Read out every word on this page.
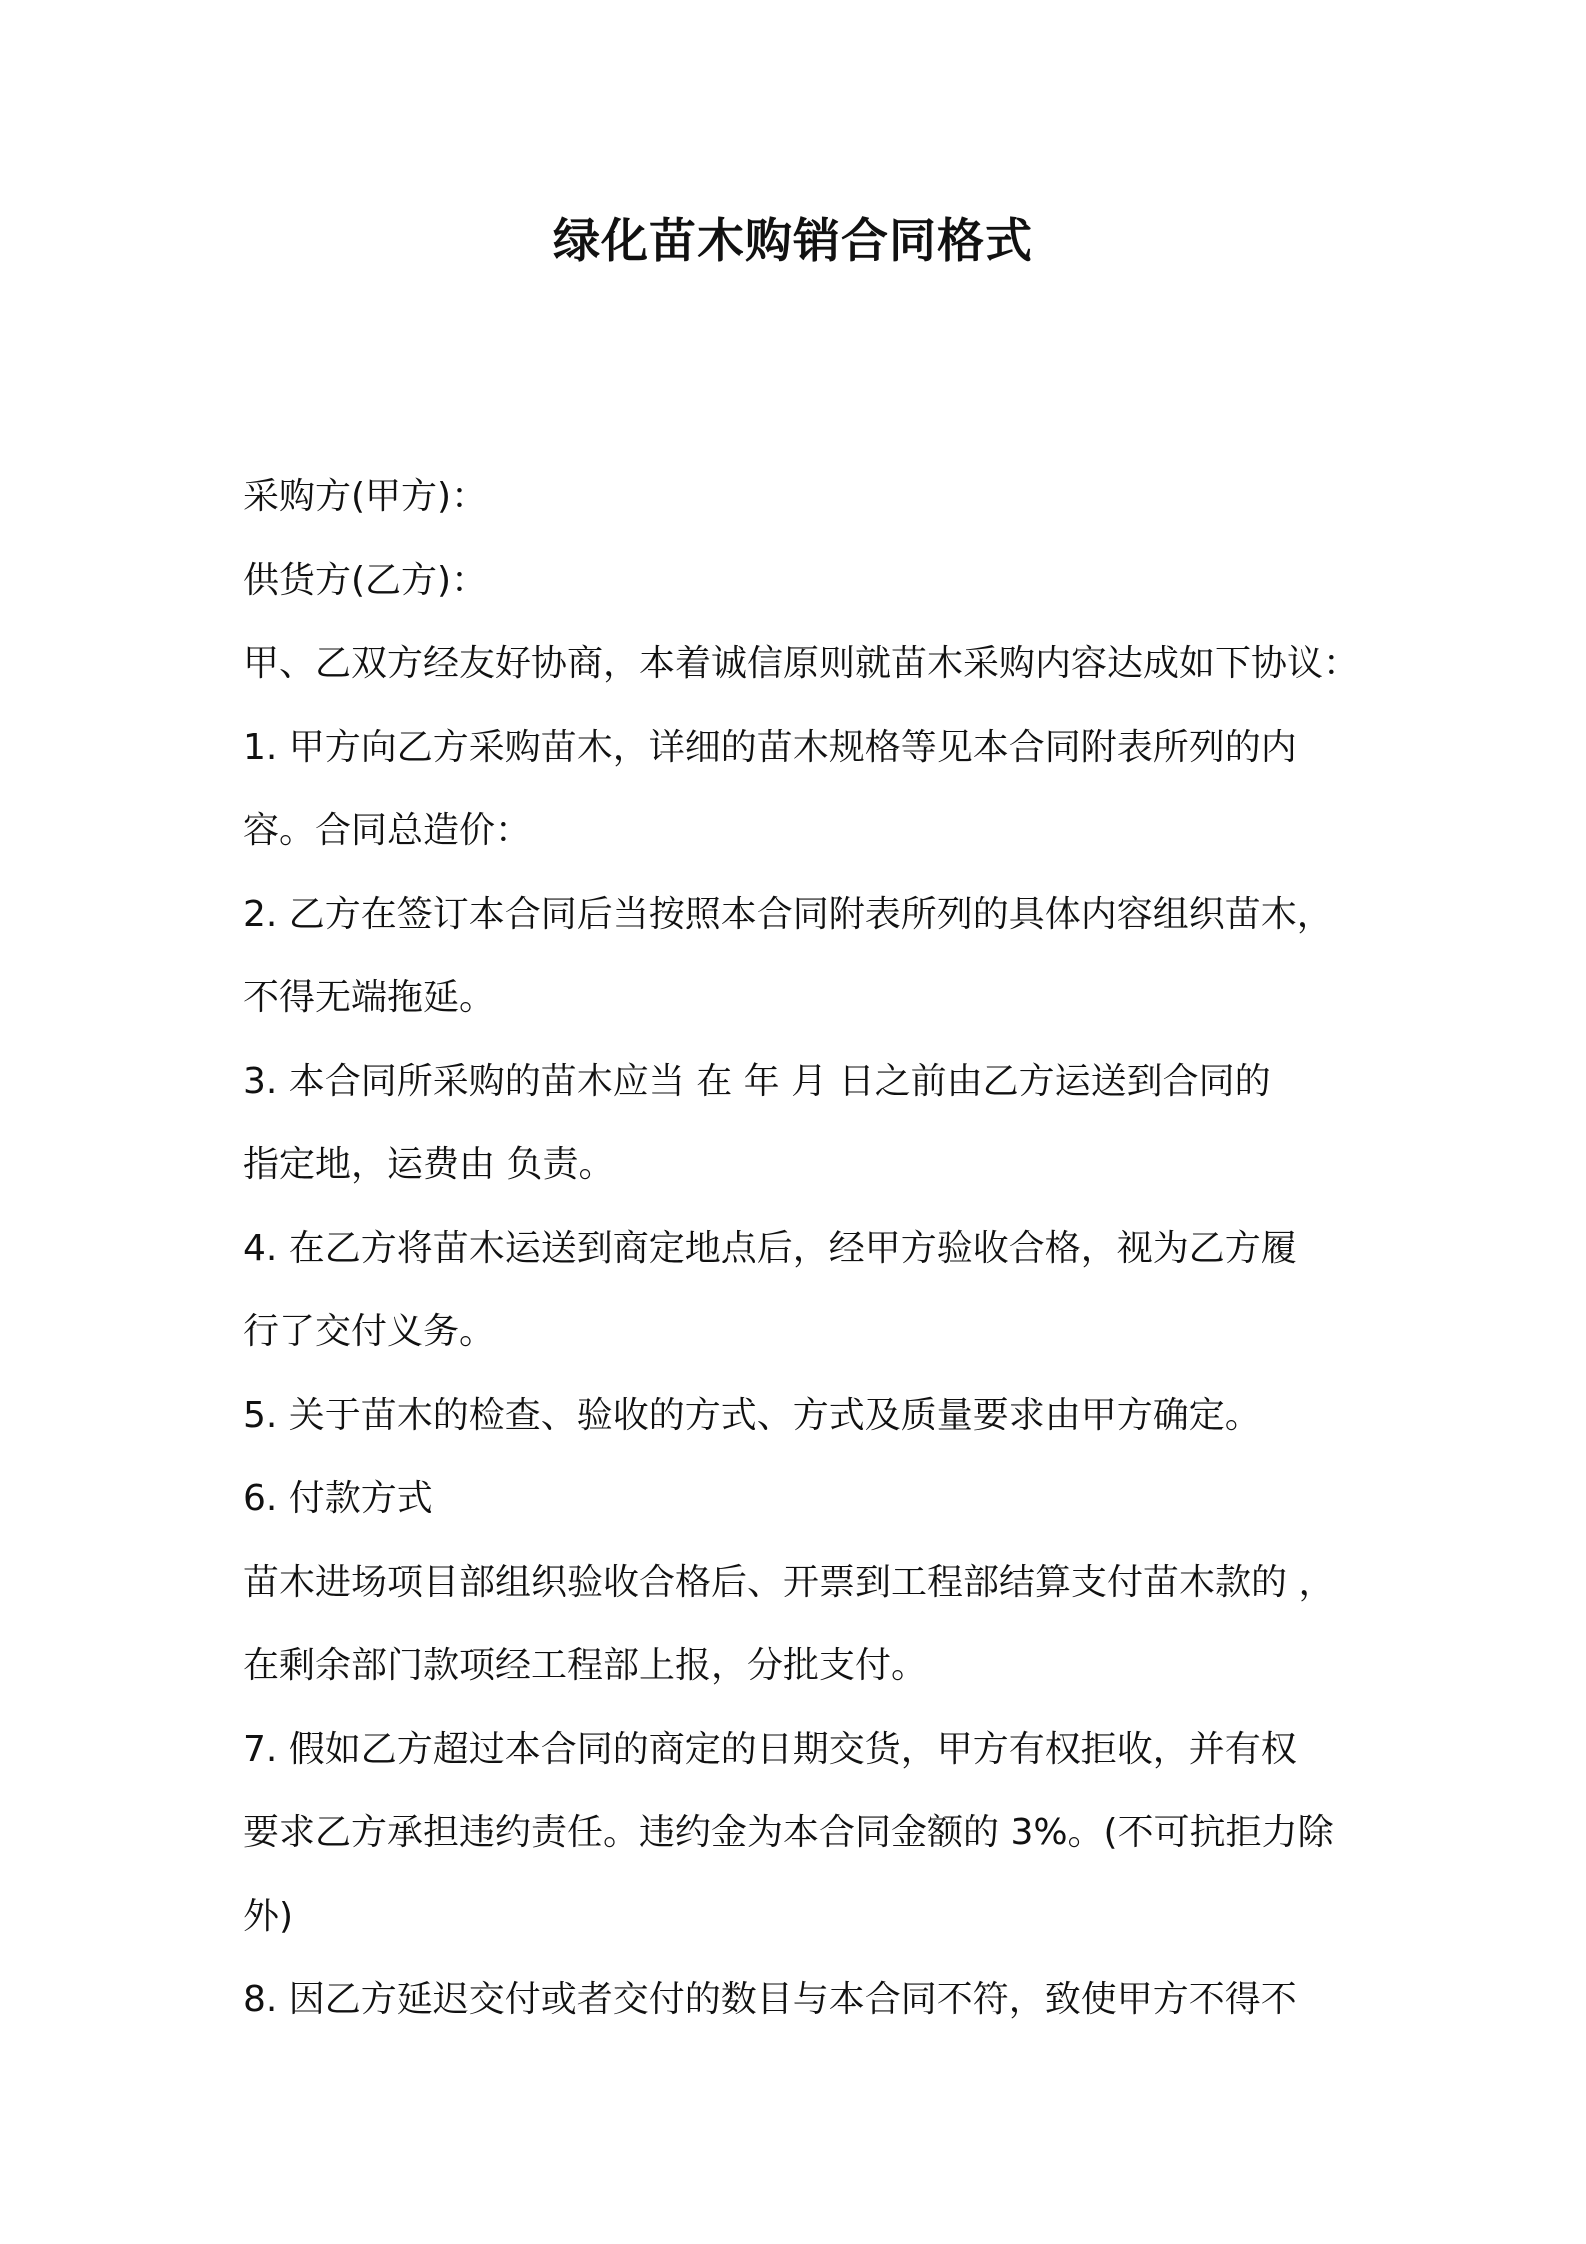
绿化苗木购销合同格式
采购方(甲方)：
供货方(乙方)：
甲、乙双方经友好协商，本着诚信原则就苗木采购内容达成如下协议：
1. 甲方向乙方采购苗木，详细的苗木规格等见本合同附表所列的内
容。合同总造价：
2. 乙方在签订本合同后当按照本合同附表所列的具体内容组织苗木，
不得无端拖延。
3. 本合同所采购的苗木应当 在 年 月 日之前由乙方运送到合同的
指定地，运费由 负责。
4. 在乙方将苗木运送到商定地点后，经甲方验收合格，视为乙方履
行了交付义务。
5. 关于苗木的检查、验收的方式、方式及质量要求由甲方确定。
6. 付款方式
苗木进场项目部组织验收合格后、开票到工程部结算支付苗木款的 ，
在剩余部门款项经工程部上报，分批支付。
7. 假如乙方超过本合同的商定的日期交货，甲方有权拒收，并有权
要求乙方承担违约责任。违约金为本合同金额的 3%。(不可抗拒力除
外)
8. 因乙方延迟交付或者交付的数目与本合同不符，致使甲方不得不
